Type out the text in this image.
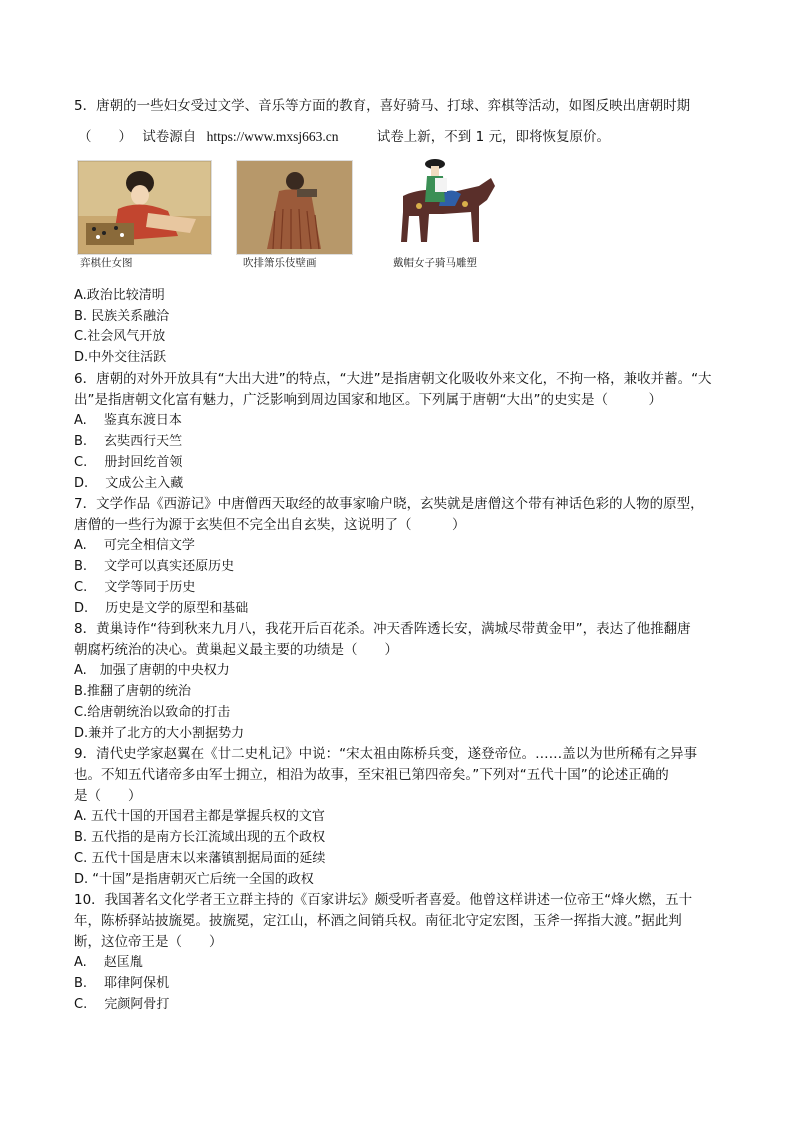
5．唐朝的一些妇女受过文学、音乐等方面的教育，喜好骑马、打球、弈棋等活动，如图反映出唐朝时期
（　　） 试卷源自 https://www.mxsj663.cn	试卷上新，不到 1 元，即将恢复原价。
弈棋仕女图	吹排箫乐伎壁画	戴帽女子骑马雕塑
A.政治比较清明
B. 民族关系融洽
C.社会风气开放
D.中外交往活跃
6．唐朝的对外开放具有“大出大进”的特点，“大进”是指唐朝文化吸收外来文化，不拘一格，兼收并蓄。“大
出”是指唐朝文化富有魅力，广泛影响到周边国家和地区。下列属于唐朝“大出”的史实是（　　　）
A.　 鉴真东渡日本
B.　 玄奘西行天竺
C.　 册封回纥首领
D.　 文成公主入藏
7．文学作品《西游记》中唐僧西天取经的故事家喻户晓，玄奘就是唐僧这个带有神话色彩的人物的原型，
唐僧的一些行为源于玄奘但不完全出自玄奘，这说明了（　　　）
A.　 可完全相信文学
B.　 文学可以真实还原历史
C.　 文学等同于历史
D.　 历史是文学的原型和基础
8．黄巢诗作“待到秋来九月八，我花开后百花杀。冲天香阵透长安，满城尽带黄金甲”，表达了他推翻唐
朝腐朽统治的决心。黄巢起义最主要的功绩是（　　）
A.　加强了唐朝的中央权力
B.推翻了唐朝的统治
C.给唐朝统治以致命的打击
D.兼并了北方的大小割据势力
9．清代史学家赵翼在《廿二史札记》中说：“宋太祖由陈桥兵变，遂登帝位。……盖以为世所稀有之异事
也。不知五代诸帝多由军士拥立，相沿为故事，至宋祖已第四帝矣。”下列对“五代十国”的论述正确的
是（　　）
A. 五代十国的开国君主都是掌握兵权的文官
B. 五代指的是南方长江流域出现的五个政权
C. 五代十国是唐末以来藩镇割据局面的延续
D. “十国”是指唐朝灭亡后统一全国的政权
10．我国著名文化学者王立群主持的《百家讲坛》颇受听者喜爱。他曾这样讲述一位帝王“烽火燃，五十
年，陈桥驿站披旒冕。披旒冕，定江山，杯酒之间销兵权。南征北守定宏图，玉斧一挥指大渡。”据此判
断，这位帝王是（　　）
A.　 赵匡胤
B.　 耶律阿保机
C.　 完颜阿骨打
